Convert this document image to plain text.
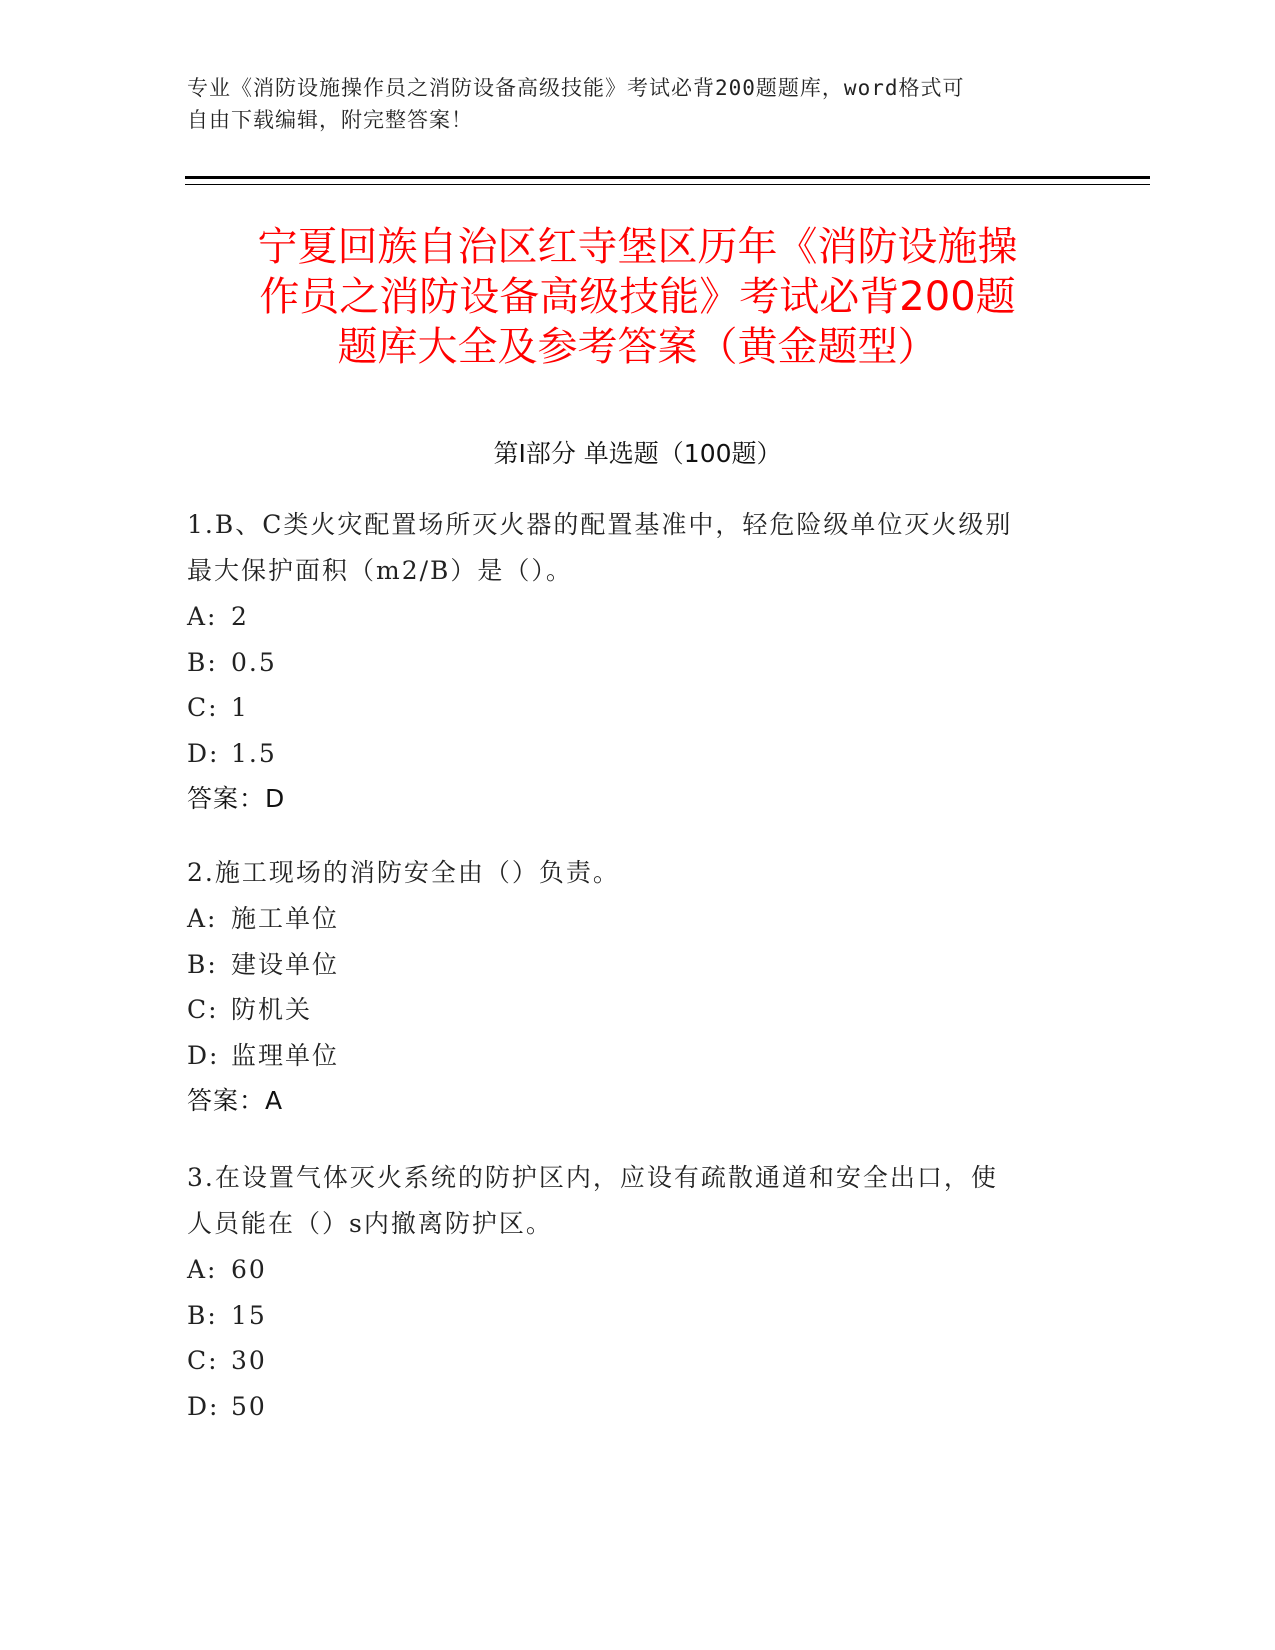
专业《消防设施操作员之消防设备高级技能》考试必背200题题库，word格式可
自由下载编辑，附完整答案！
宁夏回族自治区红寺堡区历年《消防设施操
作员之消防设备高级技能》考试必背200题
题库大全及参考答案（黄金题型）
第Ⅰ部分 单选题（100题）

1.B、C类火灾配置场所灭火器的配置基准中，轻危险级单位灭火级别

最大保护面积（m2/B）是（）。

A: 2

B: 0.5

C: 1

D: 1.5

答案：D

2.施工现场的消防安全由（）负责。

A: 施工单位

B: 建设单位

C: 防机关

D: 监理单位

答案：A

3.在设置气体灭火系统的防护区内，应设有疏散通道和安全出口，使

人员能在（）s内撤离防护区。

A: 60

B: 15

C: 30

D: 50
